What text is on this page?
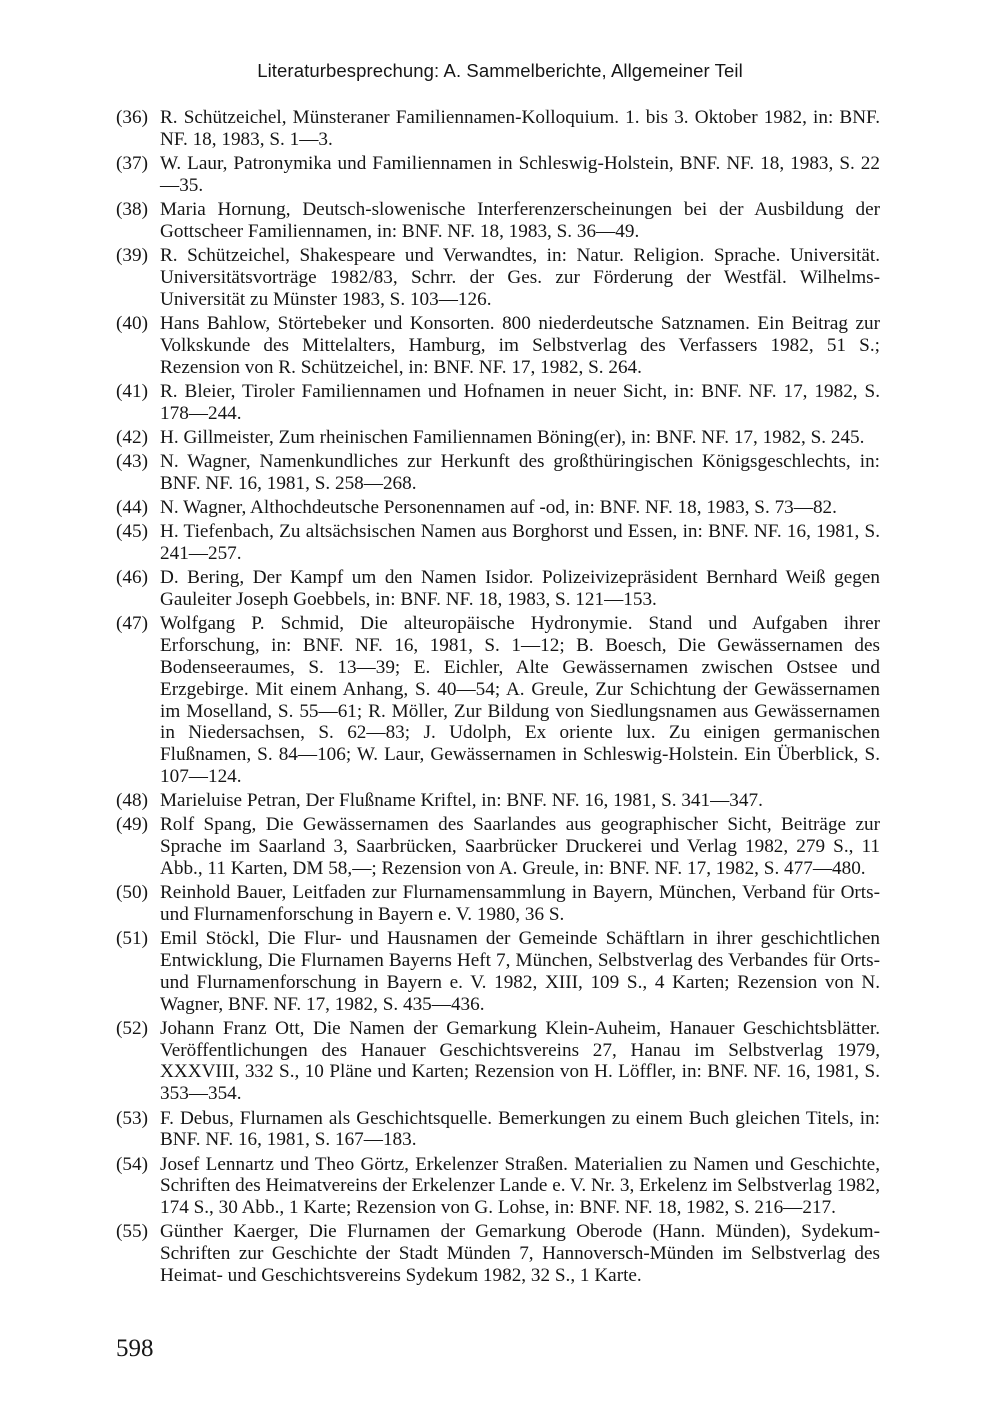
Literaturbesprechung: A. Sammelberichte, Allgemeiner Teil
(36) R. Schützeichel, Münsteraner Familiennamen-Kolloquium. 1. bis 3. Oktober 1982, in: BNF. NF. 18, 1983, S. 1—3.
(37) W. Laur, Patronymika und Familiennamen in Schleswig-Holstein, BNF. NF. 18, 1983, S. 22—35.
(38) Maria Hornung, Deutsch-slowenische Interferenzerscheinungen bei der Ausbildung der Gottscheer Familiennamen, in: BNF. NF. 18, 1983, S. 36—49.
(39) R. Schützeichel, Shakespeare und Verwandtes, in: Natur. Religion. Sprache. Universität. Universitätsvorträge 1982/83, Schrr. der Ges. zur Förderung der Westfäl. Wilhelms-Universität zu Münster 1983, S. 103—126.
(40) Hans Bahlow, Störtebeker und Konsorten. 800 niederdeutsche Satznamen. Ein Beitrag zur Volkskunde des Mittelalters, Hamburg, im Selbstverlag des Verfassers 1982, 51 S.; Rezension von R. Schützeichel, in: BNF. NF. 17, 1982, S. 264.
(41) R. Bleier, Tiroler Familiennamen und Hofnamen in neuer Sicht, in: BNF. NF. 17, 1982, S. 178—244.
(42) H. Gillmeister, Zum rheinischen Familiennamen Böning(er), in: BNF. NF. 17, 1982, S. 245.
(43) N. Wagner, Namenkundliches zur Herkunft des großthüringischen Königsgeschlechts, in: BNF. NF. 16, 1981, S. 258—268.
(44) N. Wagner, Althochdeutsche Personennamen auf -od, in: BNF. NF. 18, 1983, S. 73—82.
(45) H. Tiefenbach, Zu altsächsischen Namen aus Borghorst und Essen, in: BNF. NF. 16, 1981, S. 241—257.
(46) D. Bering, Der Kampf um den Namen Isidor. Polizeivizepräsident Bernhard Weiß gegen Gauleiter Joseph Goebbels, in: BNF. NF. 18, 1983, S. 121—153.
(47) Wolfgang P. Schmid, Die alteuropäische Hydronymie. Stand und Aufgaben ihrer Erforschung, in: BNF. NF. 16, 1981, S. 1—12; B. Boesch, Die Gewässernamen des Bodenseeraumes, S. 13—39; E. Eichler, Alte Gewässernamen zwischen Ostsee und Erzgebirge. Mit einem Anhang, S. 40—54; A. Greule, Zur Schichtung der Gewässernamen im Moselland, S. 55—61; R. Möller, Zur Bildung von Siedlungsnamen aus Gewässernamen in Niedersachsen, S. 62—83; J. Udolph, Ex oriente lux. Zu einigen germanischen Flußnamen, S. 84—106; W. Laur, Gewässernamen in Schleswig-Holstein. Ein Überblick, S. 107—124.
(48) Marieluise Petran, Der Flußname Kriftel, in: BNF. NF. 16, 1981, S. 341—347.
(49) Rolf Spang, Die Gewässernamen des Saarlandes aus geographischer Sicht, Beiträge zur Sprache im Saarland 3, Saarbrücken, Saarbrücker Druckerei und Verlag 1982, 279 S., 11 Abb., 11 Karten, DM 58,—; Rezension von A. Greule, in: BNF. NF. 17, 1982, S. 477—480.
(50) Reinhold Bauer, Leitfaden zur Flurnamensammlung in Bayern, München, Verband für Orts- und Flurnamenforschung in Bayern e. V. 1980, 36 S.
(51) Emil Stöckl, Die Flur- und Hausnamen der Gemeinde Schäftlarn in ihrer geschichtlichen Entwicklung, Die Flurnamen Bayerns Heft 7, München, Selbstverlag des Verbandes für Orts- und Flurnamenforschung in Bayern e. V. 1982, XIII, 109 S., 4 Karten; Rezension von N. Wagner, BNF. NF. 17, 1982, S. 435—436.
(52) Johann Franz Ott, Die Namen der Gemarkung Klein-Auheim, Hanauer Geschichtsblätter. Veröffentlichungen des Hanauer Geschichtsvereins 27, Hanau im Selbstverlag 1979, XXXVIII, 332 S., 10 Pläne und Karten; Rezension von H. Löffler, in: BNF. NF. 16, 1981, S. 353—354.
(53) F. Debus, Flurnamen als Geschichtsquelle. Bemerkungen zu einem Buch gleichen Titels, in: BNF. NF. 16, 1981, S. 167—183.
(54) Josef Lennartz und Theo Görtz, Erkelenzer Straßen. Materialien zu Namen und Geschichte, Schriften des Heimatvereins der Erkelenzer Lande e. V. Nr. 3, Erkelenz im Selbstverlag 1982, 174 S., 30 Abb., 1 Karte; Rezension von G. Lohse, in: BNF. NF. 18, 1982, S. 216—217.
(55) Günther Kaerger, Die Flurnamen der Gemarkung Oberode (Hann. Münden), Sydekum-Schriften zur Geschichte der Stadt Münden 7, Hannoversch-Münden im Selbstverlag des Heimat- und Geschichtsvereins Sydekum 1982, 32 S., 1 Karte.
598
